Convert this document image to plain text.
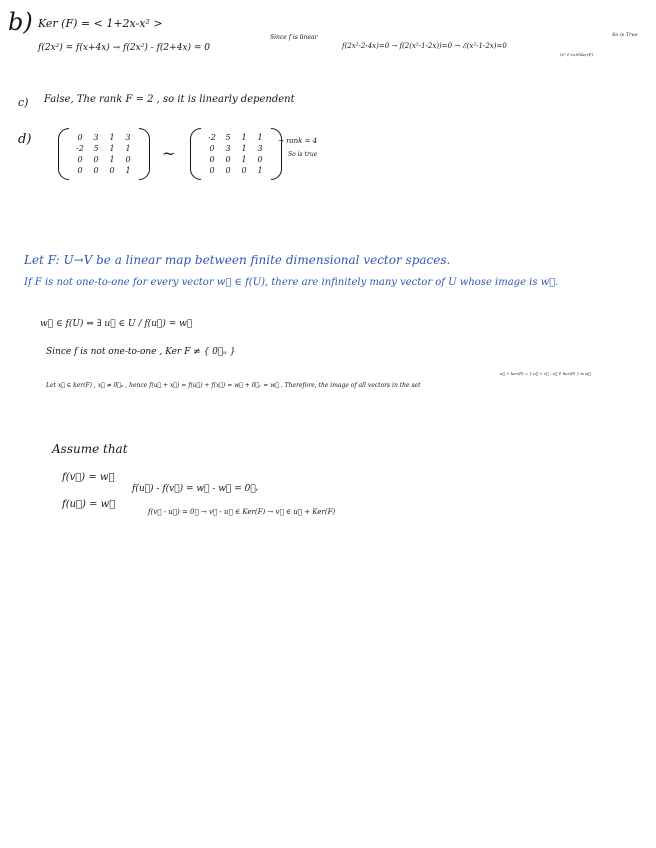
b) Ker (F) = < 1+2x-x² >
f(2x²) = f(x+4x) → f(2x²) - f(2+4x) = 0
Since f is linear
f(2x²-2-4x)=0 → f(2(x²-1-2x))=0 → ℰ(x²-1-2x)=0
(x²-1-2x)∈Ker(F)
So is True
c) False, The rank F = 2 , so it is linearly dependent
d)	0	3	1	3
-2	5	1	1
0	0	1	0
0	0	0	1
~
-2	5	1	1
0	3	1	3
0	0	1	0
0	0	0	1
→ rank = 4
So is true
Let F: U→V be a linear map between finite dimensional vector spaces.
If F is not one-to-one for every vector w⃗ ∈ f(U), there are infinitely many vector of U whose image is w⃗.
w⃗ ∈ f(U) ⇔ ∃ u⃗ ∈ U / f(u⃗) = w⃗
Since f is not one-to-one , Ker F ≠ { 0⃗ᵤ }
Let x⃗ ∈ ker(F) , x⃗ ≠ 0⃗ᵤ , hence f(u⃗ + x⃗) = f(u⃗) + f(x⃗) = w⃗ + 0⃗ᵥ = w⃗ . Therefore, the image of all vectors in the set
u⃗ + ker(F) = { u⃗ + x⃗ : x⃗ ∈ ker(F) } is w⃗.
Assume that
f(v⃗) = w⃗
f(u⃗) = w⃗
f(u⃗) - f(v⃗) = w⃗ - w⃗ = 0⃗ᵥ
f(v⃗ - u⃗) = 0⃗ → v⃗ - u⃗ ∈ Ker(F) → v⃗ ∈ u⃗ + Ker(F)
